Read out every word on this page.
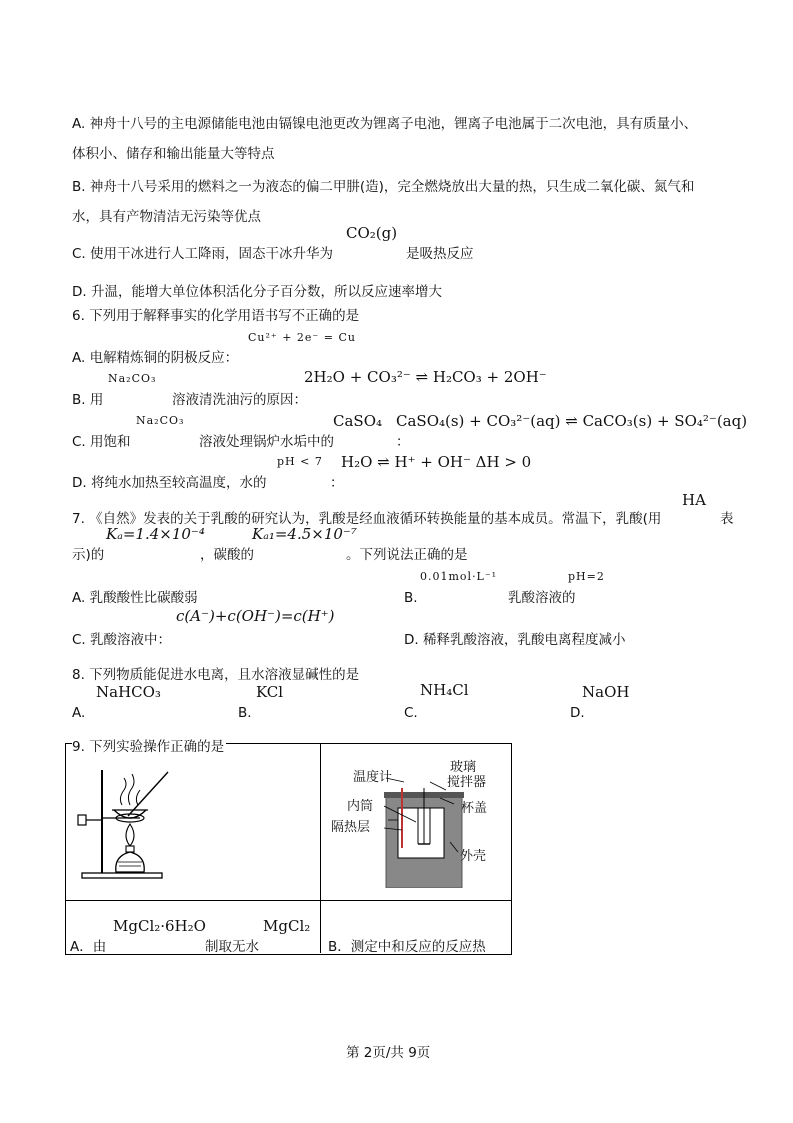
A. 神舟十八号的主电源储能电池由镉镍电池更改为锂离子电池，锂离子电池属于二次电池，具有质量小、
体积小、储存和输出能量大等特点
B. 神舟十八号采用的燃料之一为液态的偏二甲肼(造)，完全燃烧放出大量的热，只生成二氧化碳、氮气和
水，具有产物清洁无污染等优点
CO₂(g)
C. 使用干冰进行人工降雨，固态干冰升华为	是吸热反应
D. 升温，能增大单位体积活化分子百分数，所以反应速率增大
6. 下列用于解释事实的化学用语书写不正确的是
Cu²⁺ + 2e⁻ = Cu
A. 电解精炼铜的阴极反应：
Na₂CO₃	2H₂O + CO₃²⁻ ⇌ H₂CO₃ + 2OH⁻
B. 用	溶液清洗油污的原因：
Na₂CO₃	CaSO₄ CaSO₄(s) + CO₃²⁻(aq) ⇌ CaCO₃(s) + SO₄²⁻(aq)
C. 用饱和	溶液处理锅炉水垢中的	：
pH < 7 H₂O ⇌ H⁺ + OH⁻ ΔH > 0
D. 将纯水加热至较高温度，水的	：
HA
7. 《自然》发表的关于乳酸的研究认为，乳酸是经血液循环转换能量的基本成员。常温下，乳酸(用	表
Kₐ=1.4×10⁻⁴	Kₐ₁=4.5×10⁻⁷
示)的	，碳酸的	。下列说法正确的是
0.01mol·L⁻¹	pH=2
A. 乳酸酸性比碳酸弱	B.	乳酸溶液的
c(A⁻)+c(OH⁻)=c(H⁺)
C. 乳酸溶液中：	D. 稀释乳酸溶液，乳酸电离程度减小
8. 下列物质能促进水电离，且水溶液显碱性的是
NaHCO₃	KCl	NH₄Cl	NaOH
A.	B.	C.	D.
9. 下列实验操作正确的是
温度计
玻璃
搅拌器
杯盖
内筒
隔热层
外壳
MgCl₂·6H₂O	MgCl₂
A．由	制取无水	B．测定中和反应的反应热
第 2页/共 9页
